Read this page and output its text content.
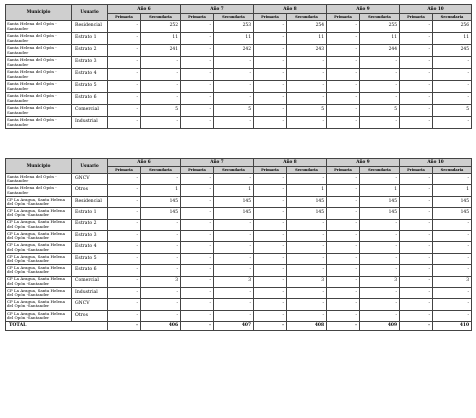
Municipio	Usuario	Año 6		Año 7		Año 8		Año 9		Año 10	
		Primaria	Secundaria	Primaria	Secundaria	Primaria	Secundaria	Primaria	Secundaria	Primaria	Secundaria
Santa Helena del Opón - Santander	Residencial	-	252	-	253	-	254	-	255	-	256
Santa Helena del Opón - Santander	Estrato 1	-	11	-	11	-	11	-	11	-	11
Santa Helena del Opón - Santander	Estrato 2	-	241	-	242	-	243	-	244	-	245
Santa Helena del Opón - Santander	Estrato 3	-	-	-	-	-	-	-	-	-	-
Santa Helena del Opón - Santander	Estrato 4	-	-	-	-	-	-	-	-	-	-
Santa Helena del Opón - Santander	Estrato 5	-	-	-	-	-	-	-	-	-	-
Santa Helena del Opón - Santander	Estrato 6	-	-	-	-	-	-	-	-	-	-
Santa Helena del Opón - Santander	Comercial	-	5	-	5	-	5	-	5	-	5
Santa Helena del Opón - Santander	Industrial	-	-	-	-	-	-	-	-	-	-
Municipio	Usuario	Año 6		Año 7		Año 8		Año 9		Año 10	
		Primaria	Secundaria	Primaria	Secundaria	Primaria	Secundaria	Primaria	Secundaria	Primaria	Secundaria
Santa Helena del Opón - Santander	GNCV	-	-	-	-	-	-	-	-	-	-
Santa Helena del Opón - Santander	Otros	-	1	-	1	-	1	-	1	-	1
CP La Aragua, Santa Helena del Opón -Santander	Residencial	-	145	-	145	-	145	-	145	-	145
CP La Aragua, Santa Helena del Opón -Santander	Estrato 1	-	145	-	145	-	145	-	145	-	145
CP La Aragua, Santa Helena del Opón -Santander	Estrato 2	-	-	-	-	-	-	-	-	-	-
CP La Aragua, Santa Helena del Opón -Santander	Estrato 3	-	-	-	-	-	-	-	-	-	-
CP La Aragua, Santa Helena del Opón -Santander	Estrato 4	-	-	-	-	-	-	-	-	-	-
CP La Aragua, Santa Helena del Opón -Santander	Estrato 5	-	-	-	-	-	-	-	-	-	-
CP La Aragua, Santa Helena del Opón -Santander	Estrato 6	-	-	-	-	-	-	-	-	-	-
CP La Aragua, Santa Helena del Opón -Santander	Comercial	-	3	-	3	-	3	-	3	-	3
CP La Aragua, Santa Helena del Opón -Santander	Industrial	-	-	-	-	-	-	-	-	-	-
CP La Aragua, Santa Helena del Opón -Santander	GNCV	-	-	-	-	-	-	-	-	-	-
CP La Aragua, Santa Helena del Opón -Santander	Otros	-	-	-	-	-	-	-	-	-	-
TOTAL		-	406	-	407	-	408	-	409	-	410
